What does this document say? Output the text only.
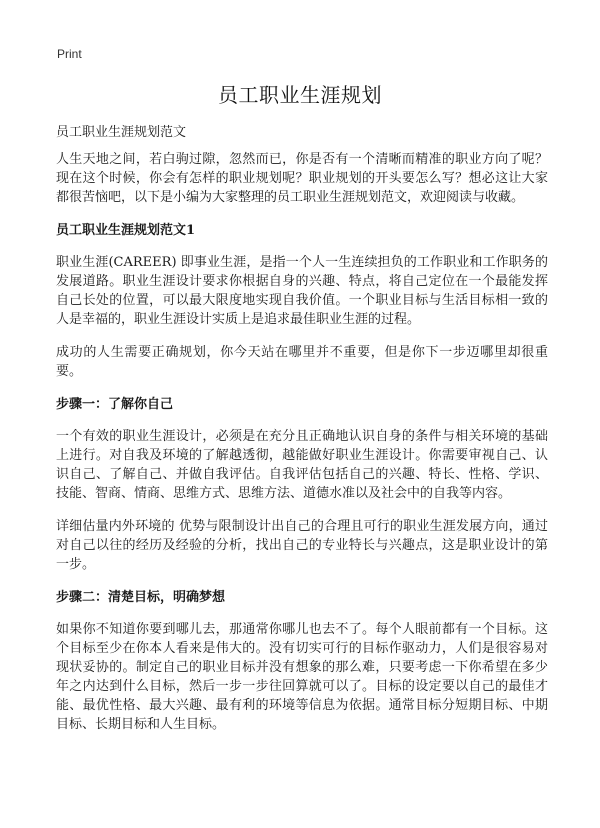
Print
员工职业生涯规划

员工职业生涯规划范文

人生天地之间，若白驹过隙，忽然而已，你是否有一个清晰而精准的职业方向了呢？现在这个时候，你会有怎样的职业规划呢？职业规划的开头要怎么写？想必这让大家都很苦恼吧，以下是小编为大家整理的员工职业生涯规划范文，欢迎阅读与收藏。

员工职业生涯规划范文1

职业生涯(CAREER) 即事业生涯，是指一个人一生连续担负的工作职业和工作职务的发展道路。职业生涯设计要求你根据自身的兴趣、特点，将自己定位在一个最能发挥自己长处的位置，可以最大限度地实现自我价值。一个职业目标与生活目标相一致的人是幸福的，职业生涯设计实质上是追求最佳职业生涯的过程。

成功的人生需要正确规划，你今天站在哪里并不重要，但是你下一步迈哪里却很重要。

步骤一：了解你自己

一个有效的职业生涯设计，必须是在充分且正确地认识自身的条件与相关环境的基础上进行。对自我及环境的了解越透彻，越能做好职业生涯设计。你需要审视自己、认识自己、了解自己、并做自我评估。自我评估包括自己的兴趣、特长、性格、学识、技能、智商、情商、思维方式、思维方法、道德水准以及社会中的自我等内容。

详细估量内外环境的 优势与限制设计出自己的合理且可行的职业生涯发展方向，通过对自己以往的经历及经验的分析，找出自己的专业特长与兴趣点，这是职业设计的第一步。

步骤二：清楚目标，明确梦想

如果你不知道你要到哪儿去，那通常你哪儿也去不了。每个人眼前都有一个目标。这个目标至少在你本人看来是伟大的。没有切实可行的目标作驱动力，人们是很容易对现状妥协的。制定自己的职业目标并没有想象的那么难，只要考虑一下你希望在多少年之内达到什么目标，然后一步一步往回算就可以了。目标的设定要以自己的最佳才能、最优性格、最大兴趣、最有利的环境等信息为依据。通常目标分短期目标、中期目标、长期目标和人生目标。
